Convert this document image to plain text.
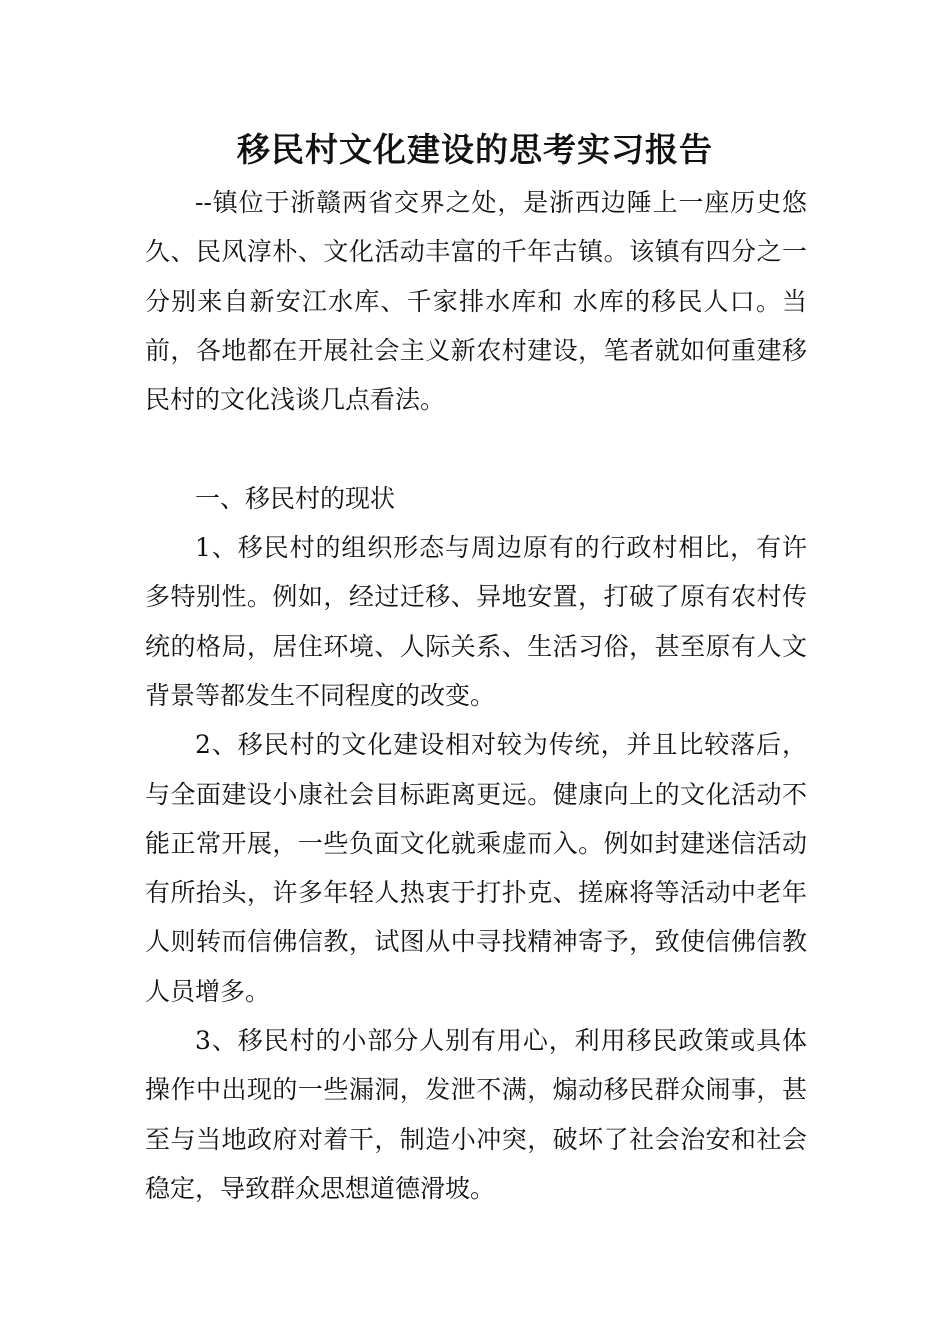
移民村文化建设的思考实习报告

--镇位于浙赣两省交界之处，是浙西边陲上一座历史悠久、民风淳朴、文化活动丰富的千年古镇。该镇有四分之一分别来自新安江水库、千家排水库和 水库的移民人口。当前，各地都在开展社会主义新农村建设，笔者就如何重建移民村的文化浅谈几点看法。

一、移民村的现状

1、移民村的组织形态与周边原有的行政村相比，有许多特别性。例如，经过迁移、异地安置，打破了原有农村传统的格局，居住环境、人际关系、生活习俗，甚至原有人文背景等都发生不同程度的改变。

2、移民村的文化建设相对较为传统，并且比较落后，与全面建设小康社会目标距离更远。健康向上的文化活动不能正常开展，一些负面文化就乘虚而入。例如封建迷信活动有所抬头，许多年轻人热衷于打扑克、搓麻将等活动中老年人则转而信佛信教，试图从中寻找精神寄予，致使信佛信教人员增多。

3、移民村的小部分人别有用心，利用移民政策或具体操作中出现的一些漏洞，发泄不满，煽动移民群众闹事，甚至与当地政府对着干，制造小冲突，破坏了社会治安和社会稳定，导致群众思想道德滑坡。
